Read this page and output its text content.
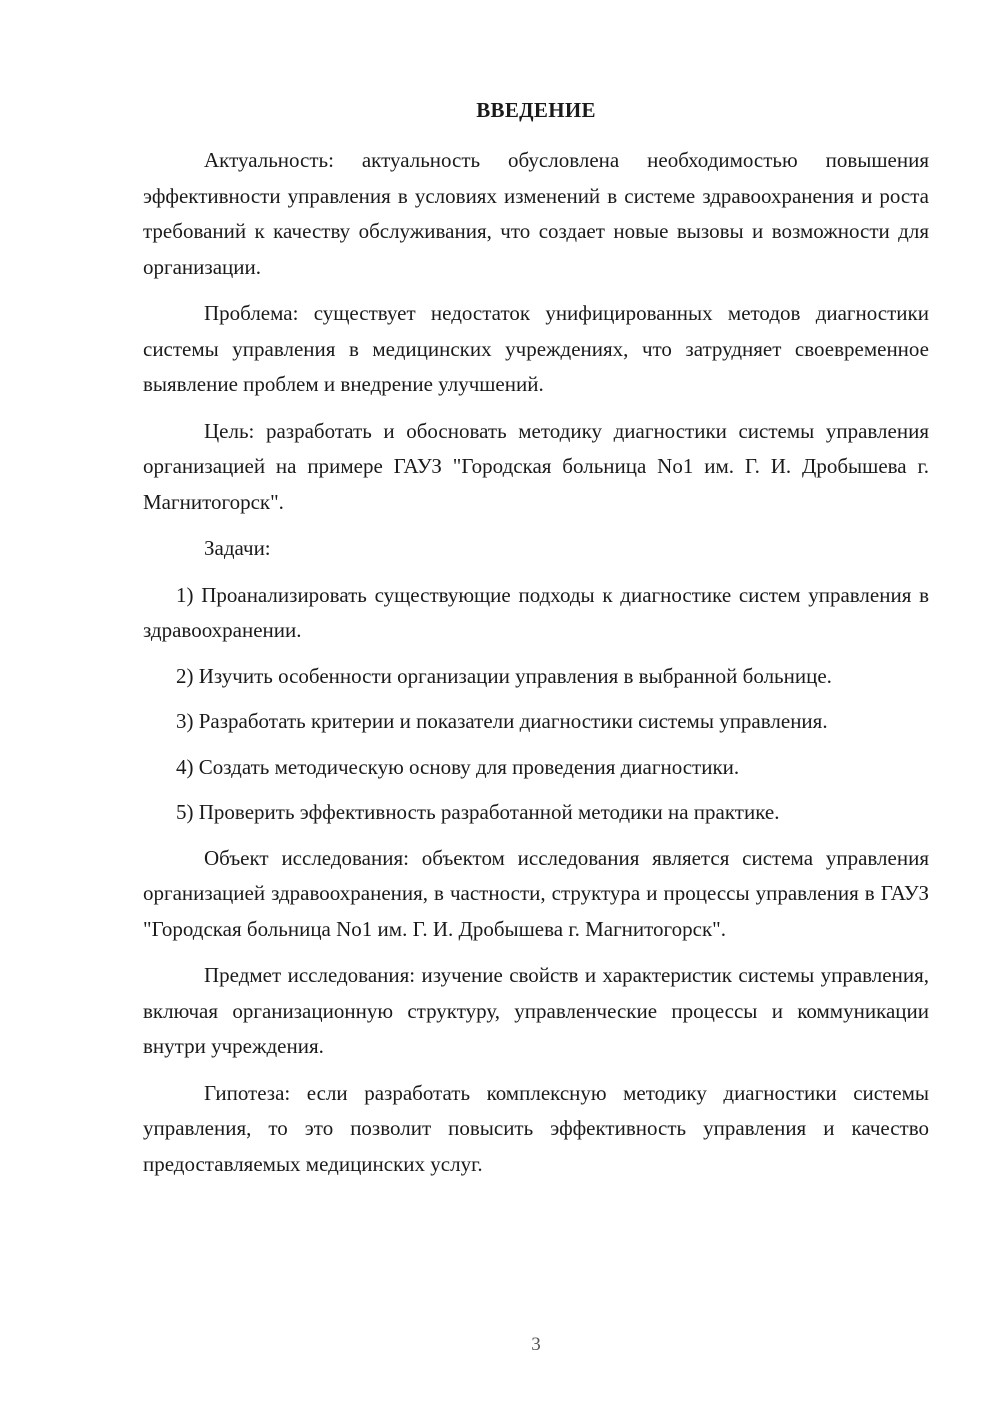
ВВЕДЕНИЕ

Актуальность: актуальность обусловлена необходимостью повышения эффективности управления в условиях изменений в системе здравоохранения и роста требований к качеству обслуживания, что создает новые вызовы и возможности для организации.

Проблема: существует недостаток унифицированных методов диагностики системы управления в медицинских учреждениях, что затрудняет своевременное выявление проблем и внедрение улучшений.

Цель: разработать и обосновать методику диагностики системы управления организацией на примере ГАУЗ "Городская больница No1 им. Г. И. Дробышева г. Магнитогорск".

Задачи:

1) Проанализировать существующие подходы к диагностике систем управления в здравоохранении.

2) Изучить особенности организации управления в выбранной больнице.

3) Разработать критерии и показатели диагностики системы управления.

4) Создать методическую основу для проведения диагностики.

5) Проверить эффективность разработанной методики на практике.

Объект исследования: объектом исследования является система управления организацией здравоохранения, в частности, структура и процессы управления в ГАУЗ "Городская больница No1 им. Г. И. Дробышева г. Магнитогорск".

Предмет исследования: изучение свойств и характеристик системы управления, включая организационную структуру, управленческие процессы и коммуникации внутри учреждения.

Гипотеза: если разработать комплексную методику диагностики системы управления, то это позволит повысить эффективность управления и качество предоставляемых медицинских услуг.

3
